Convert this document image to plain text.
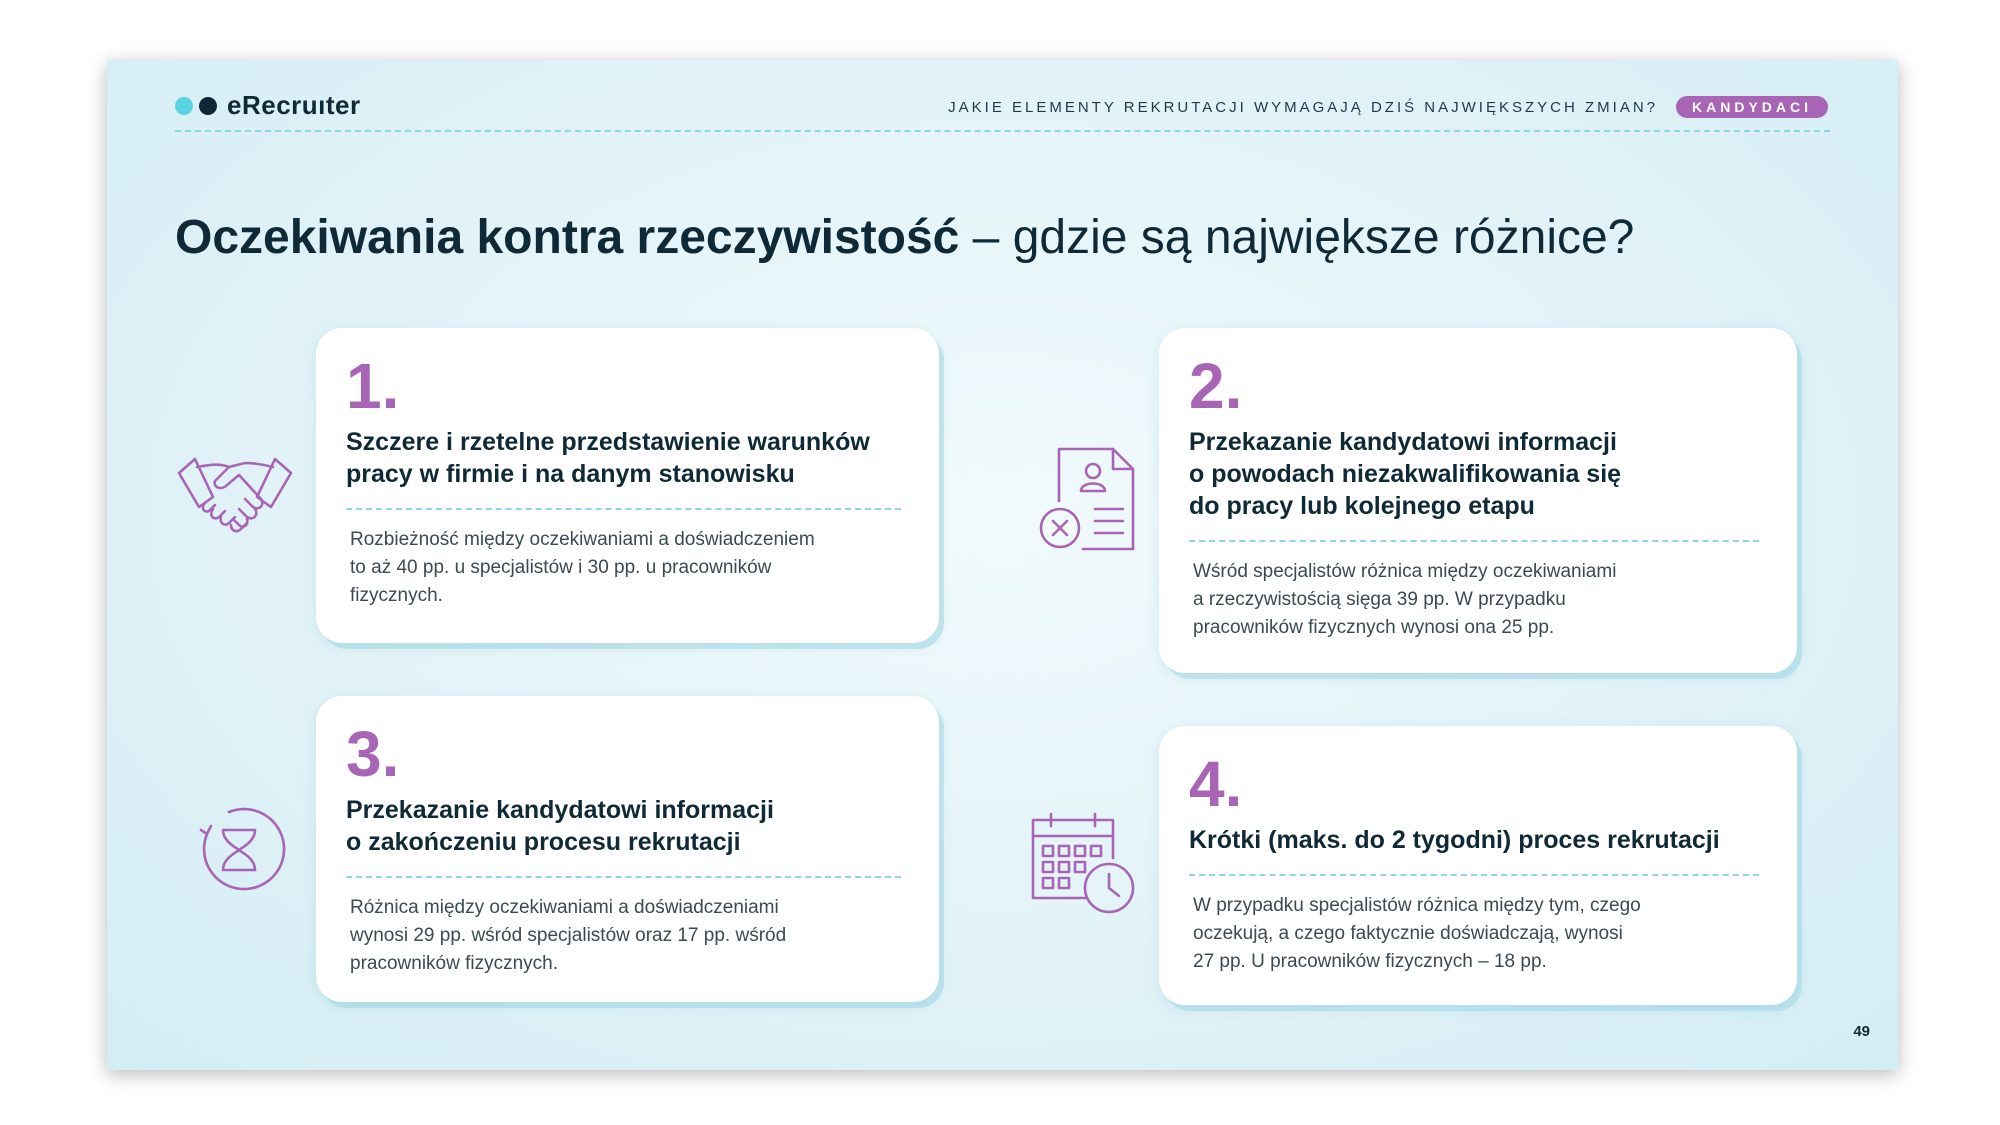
eRecruıter	JAKIE ELEMENTY REKRUTACJI WYMAGAJĄ DZIŚ NAJWIĘKSZYCH ZMIAN?	KANDYDACI
Oczekiwania kontra rzeczywistość – gdzie są największe różnice?
1.
Szczere i rzetelne przedstawienie warunków
pracy w firmie i na danym stanowisku
Rozbieżność między oczekiwaniami a doświadczeniem
to aż 40 pp. u specjalistów i 30 pp. u pracowników
fizycznych.
2.
Przekazanie kandydatowi informacji
o powodach niezakwalifikowania się
do pracy lub kolejnego etapu
Wśród specjalistów różnica między oczekiwaniami
a rzeczywistością sięga 39 pp. W przypadku
pracowników fizycznych wynosi ona 25 pp.
3.
Przekazanie kandydatowi informacji
o zakończeniu procesu rekrutacji
Różnica między oczekiwaniami a doświadczeniami
wynosi 29 pp. wśród specjalistów oraz 17 pp. wśród
pracowników fizycznych.
4.
Krótki (maks. do 2 tygodni) proces rekrutacji
W przypadku specjalistów różnica między tym, czego
oczekują, a czego faktycznie doświadczają, wynosi
27 pp. U pracowników fizycznych – 18 pp.
49
